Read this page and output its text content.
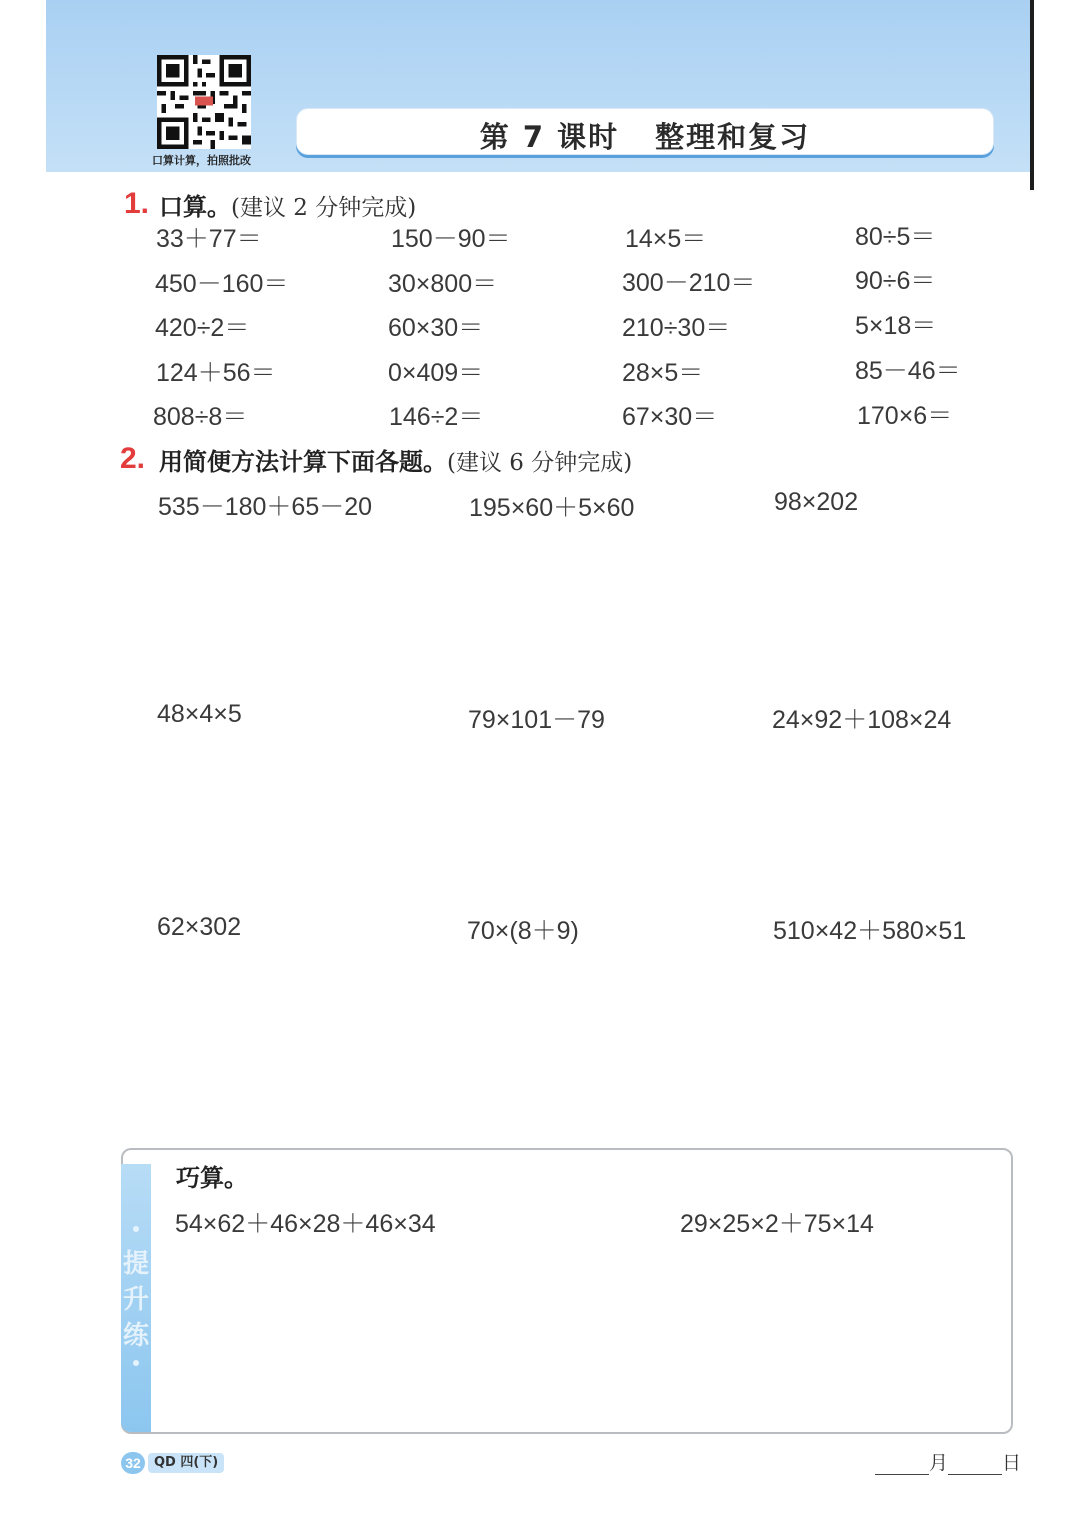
口算计算，拍照批改
第 7 课时 整理和复习
1. 口算。(建议 2 分钟完成)
33＋77＝	150－90＝	14×5＝	80÷5＝
450－160＝	30×800＝	300－210＝	90÷6＝
420÷2＝	60×30＝	210÷30＝	5×18＝
124＋56＝	0×409＝	28×5＝	85－46＝
808÷8＝	146÷2＝	67×30＝	170×6＝
2. 用简便方法计算下面各题。(建议 6 分钟完成)
535－180＋65－20	195×60＋5×60	98×202
48×4×5	79×101－79	24×92＋108×24
62×302	70×(8＋9)	510×42＋580×51
提
升
练
巧算。
54×62＋46×28＋46×34	29×25×2＋75×14
32	QD 四(下)	月	日
